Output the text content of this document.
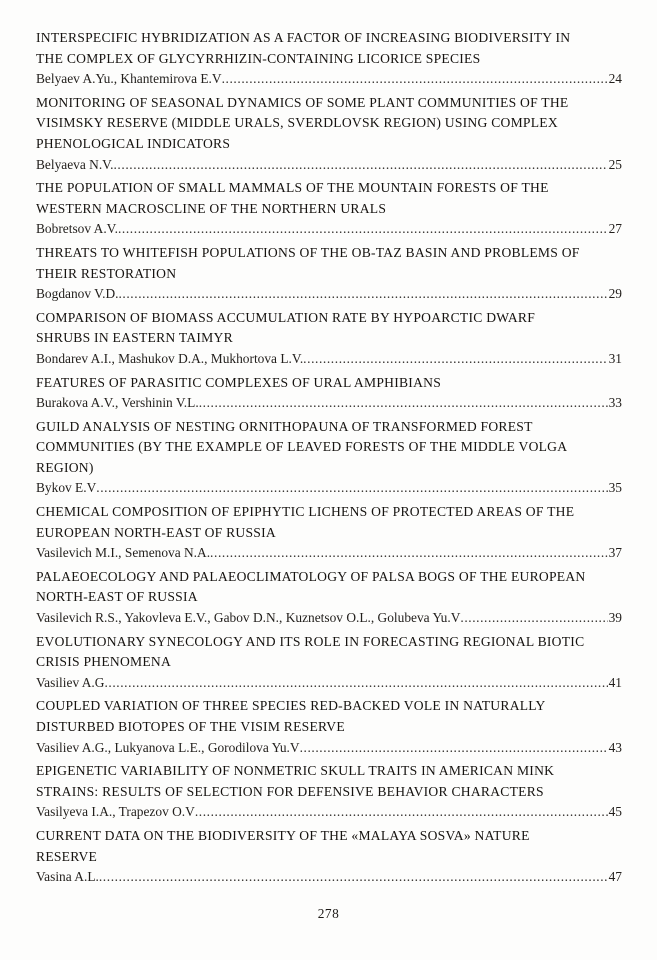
INTERSPECIFIC HYBRIDIZATION AS A FACTOR OF INCREASING BIODIVERSITY IN
THE COMPLEX OF GLYCYRRHIZIN-CONTAINING LICORICE SPECIES
Belyaev A.Yu., Khantemirova E.V .....	24
MONITORING OF SEASONAL DYNAMICS OF SOME PLANT COMMUNITIES OF THE
VISIMSKY RESERVE (MIDDLE URALS, SVERDLOVSK REGION) USING COMPLEX
PHENOLOGICAL INDICATORS
Belyaeva N.V. .....	25
THE POPULATION OF SMALL MAMMALS OF THE MOUNTAIN FORESTS OF THE
WESTERN MACROSCLINE OF THE NORTHERN URALS
Bobretsov A.V. .....	27
THREATS TO WHITEFISH POPULATIONS OF THE OB-TAZ BASIN AND PROBLEMS OF
THEIR RESTORATION
Bogdanov V.D. .....	29
COMPARISON OF BIOMASS ACCUMULATION RATE BY HYPOARCTIC DWARF
SHRUBS IN EASTERN TAIMYR
Bondarev A.I., Mashukov D.A., Mukhortova L.V. .....	31
FEATURES OF PARASITIC COMPLEXES OF URAL AMPHIBIANS
Burakova A.V., Vershinin V.L. .....	33
GUILD ANALYSIS OF NESTING ORNITHOPAUNA OF TRANSFORMED FOREST
COMMUNITIES (BY THE EXAMPLE OF LEAVED FORESTS OF THE MIDDLE VOLGA
REGION)
Bykov E.V .....	35
CHEMICAL COMPOSITION OF EPIPHYTIC LICHENS OF PROTECTED AREAS OF THE
EUROPEAN NORTH-EAST OF RUSSIA
Vasilevich M.I., Semenova N.A. .....	37
PALAEOECOLOGY AND PALAEOCLIMATOLOGY OF PALSA BOGS OF THE EUROPEAN
NORTH-EAST OF RUSSIA
Vasilevich R.S., Yakovleva E.V., Gabov D.N., Kuznetsov O.L., Golubeva Yu.V .....	39
EVOLUTIONARY SYNECOLOGY AND ITS ROLE IN FORECASTING REGIONAL BIOTIC
CRISIS PHENOMENA
Vasiliev A.G .....	41
COUPLED VARIATION OF THREE SPECIES RED-BACKED VOLE IN NATURALLY
DISTURBED BIOTOPES OF THE VISIM RESERVE
Vasiliev A.G., Lukyanova L.E., Gorodilova Yu.V .....	43
EPIGENETIC VARIABILITY OF NONMETRIC SKULL TRAITS IN AMERICAN MINK
STRAINS: RESULTS OF SELECTION FOR DEFENSIVE BEHAVIOR CHARACTERS
Vasilyeva I.A., Trapezov O.V .....	45
CURRENT DATA ON THE BIODIVERSITY OF THE «MALAYA SOSVA» NATURE
RESERVE
Vasina A.L. .....	47
278
